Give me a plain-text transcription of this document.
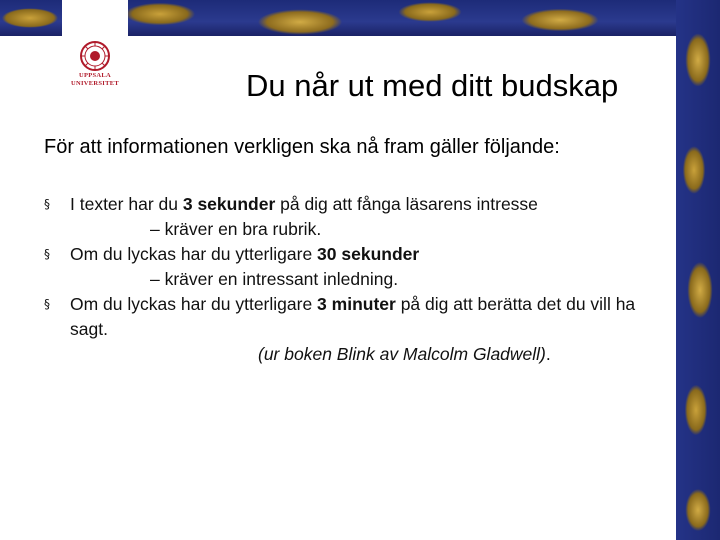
UPPSALA
UNIVERSITET	Du når ut med ditt budskap
För att informationen verkligen ska nå fram gäller följande:
§	I texter har du 3 sekunder på dig att fånga läsarens intresse
– kräver en bra rubrik.
§	Om du lyckas har du ytterligare 30 sekunder
– kräver en intressant inledning.
§	Om du lyckas har du ytterligare 3 minuter på dig att berätta det du vill ha sagt.
(ur boken Blink av Malcolm Gladwell).
